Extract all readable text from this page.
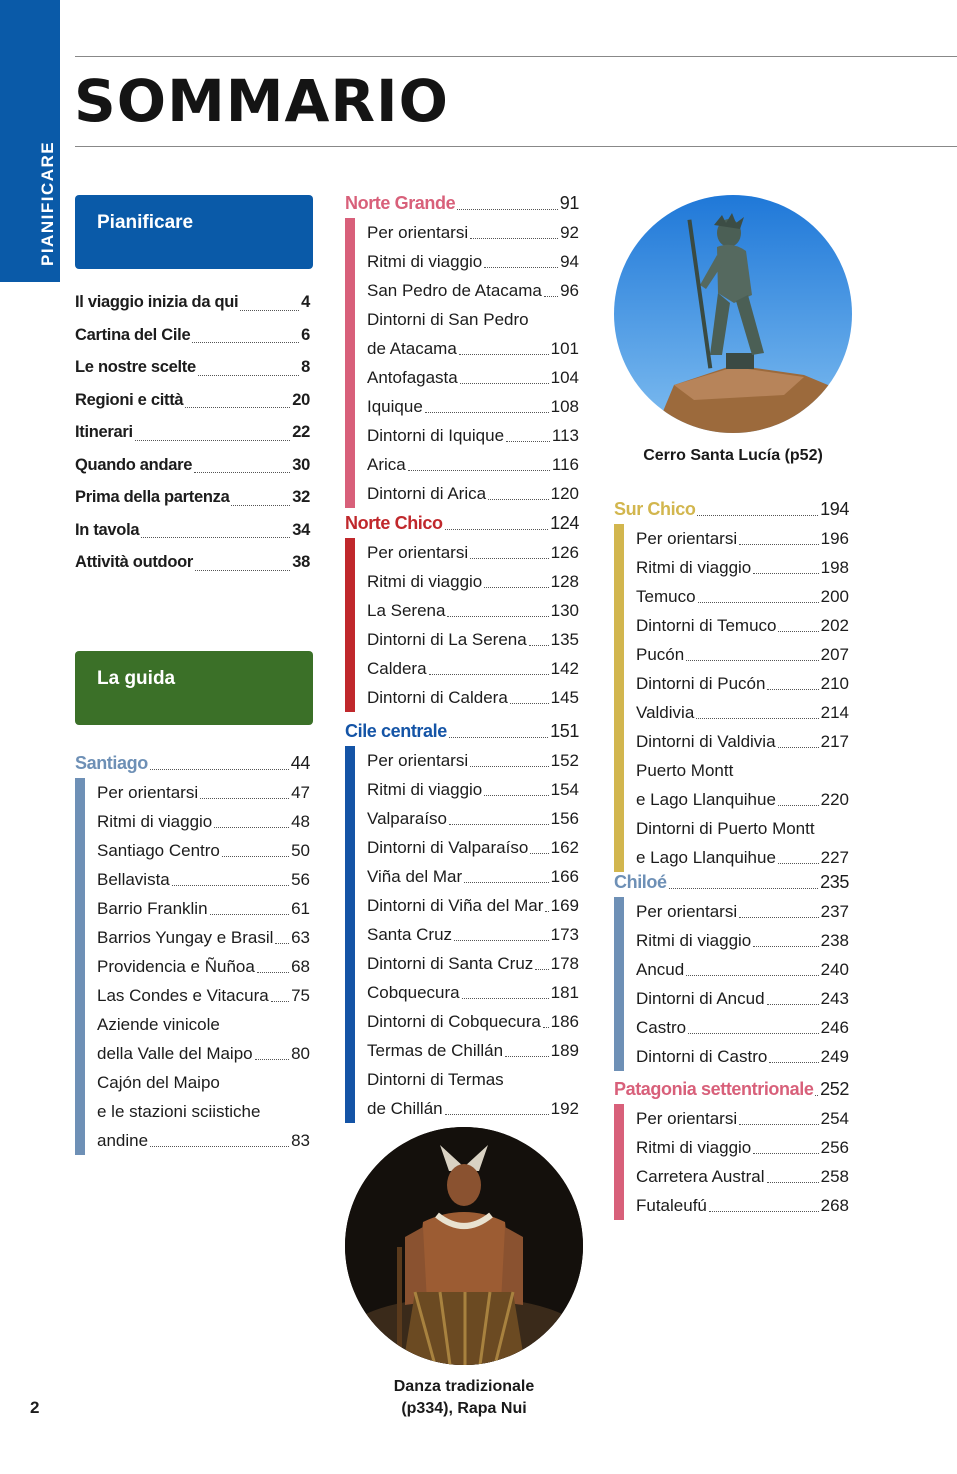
PIANIFICARE
SOMMARIO
Pianificare
Il viaggio inizia da qui	4
Cartina del Cile	6
Le nostre scelte	8
Regioni e città	20
Itinerari	22
Quando andare	30
Prima della partenza	32
In tavola	34
Attività outdoor	38
La guida
Santiago	44
Per orientarsi	47
Ritmi di viaggio	48
Santiago Centro	50
Bellavista	56
Barrio Franklin	61
Barrios Yungay e Brasil 63
Providencia e Ñuñoa 68
Las Condes e Vitacura 75
Aziende vinicole
della Valle del Maipo 80
Cajón del Maipo
e le stazioni sciistiche
andine	83
Norte Grande	91
Per orientarsi	92
Ritmi di viaggio	94
San Pedro de Atacama 96
Dintorni di San Pedro
de Atacama	101
Antofagasta	104
Iquique	108
Dintorni di Iquique	113
Arica	116
Dintorni di Arica	120
Norte Chico	124
Per orientarsi	126
Ritmi di viaggio	128
La Serena	130
Dintorni di La Serena 135
Caldera	142
Dintorni di Caldera	145
Cile centrale	151
Per orientarsi	152
Ritmi di viaggio	154
Valparaíso	156
Dintorni di Valparaíso 162
Viña del Mar	166
Dintorni di Viña del Mar 169
Santa Cruz	173
Dintorni di Santa Cruz 178
Cobquecura	181
Dintorni di Cobquecura 186
Termas de Chillán	189
Dintorni di Termas
de Chillán	192
Danza tradizionale
(p334), Rapa Nui
Cerro Santa Lucía (p52)
Sur Chico	194
Per orientarsi	196
Ritmi di viaggio	198
Temuco	200
Dintorni di Temuco	202
Pucón	207
Dintorni di Pucón	210
Valdivia	214
Dintorni di Valdivia	217
Puerto Montt
e Lago Llanquihue	220
Dintorni di Puerto Montt
e Lago Llanquihue	227
Chiloé	235
Per orientarsi	237
Ritmi di viaggio	238
Ancud	240
Dintorni di Ancud	243
Castro	246
Dintorni di Castro	249
Patagonia settentrionale 252
Per orientarsi	254
Ritmi di viaggio	256
Carretera Austral	258
Futaleufú	268
2
